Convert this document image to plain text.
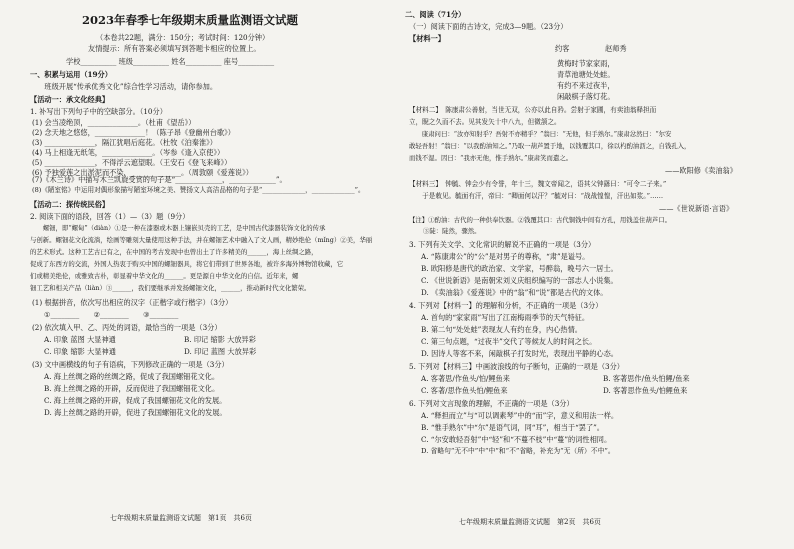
2023年春季七年级期末质量监测语文试题
（本卷共22题，满分：150分；考试时间：120分钟）
友情提示：所有答案必须填写到答题卡相应的位置上。
学校__________ 班级__________ 姓名__________ 座号__________
一、积累与运用（19分）
　　班级开展“传承优秀文化”综合性学习活动，请你参加。
【活动一：承文化经典】
1. 补写出下列句子中的空缺部分。（10分）
(1) 会当凌绝顶，______________。（杜甫《望岳》）
(2) 念天地之悠悠，______________！（陈子昂《登幽州台歌》）
(3) ______________，隔江犹唱后庭花。（杜牧《泊秦淮》）
(4) 马上相逢无纸笔，______________。（岑参《逢入京使》）
(5) ______________，不得浮云遮望眼。（王安石《登飞来峰》）
(6) 予独爱莲之出淤泥而不染，______________。（周敦颐《爱莲说》）
(7)《木兰诗》中描写木兰凯旋受赏的句子是“_____________，_____________”。
(8)《陋室铭》中运用对偶形象描写陋室环境之美、赞扬文人高洁品格的句子是“_____________，_____________”。
【活动二：探传统民俗】
2. 阅读下面的语段，回答（1）—（3）题（9分）
　　螺钿，即“螺甸”（diàn）①是一种在漆器或木器上镶嵌贝壳的工艺，是中国古代漆器装饰文化的传承
与创新。螺钿花文化流淌，绘画等雕刻大量使用这种手法，并在螺钿艺术中融入了文人画，精妙绝伦（mǐng）②美，华丽
的艺术形式。这种工艺古已有之，在中国的考古发现中也曾出土了许多精美的______，海上丝绸之路，
促成了东西方的交流，外国人热衷于购买中国的螺钿器具，将它们带到了世界各地，被许多海外博物馆收藏，它
们或精美绝伦，或雅致古朴，彰显着中华文化的______。更是源自中华文化的自信。近年来，螺
钿工艺和相关产品（liàn）③______，我们要继承并发扬螺钿文化，______，推动新时代文化繁荣。
(1) 根据拼音，依次写出相应的汉字（正楷字或行楷字）（3分）
①________　　②________　　③________
(2) 依次填入甲、乙、丙处的词语，最恰当的一项是（3分）
A. 印象 蓝图 大显神通	B. 印记 缩影 大放异彩
C. 印象 缩影 大显神通	D. 印记 蓝图 大放异彩
(3) 文中画横线的句子有语病，下列修改正确的一项是（3分）
A. 海上丝绸之路的丝绸之路，促成了我国螺钿花文化。
B. 海上丝绸之路的开辟，反而促进了我国螺钿花文化。
C. 海上丝绸之路的开辟，促成了我国螺钿花文化的发展。
D. 海上丝绸之路的开辟，促进了我国螺钿花文化的发展。
七年级期末质量监测语文试题　第1页　共6页
二、阅读（71分）
（一）阅读下面的古诗文，完成3—9题。（23分）
【材料一】
约客	赵师秀
黄梅时节家家雨，
青草池塘处处蛙。
有约不来过夜半，
闲敲棋子落灯花。
【材料二】　陈康肃公善射，当世无双，公亦以此自矜。尝射于家圃，有卖油翁释担而
立，睨之久而不去。见其发矢十中八九，但微颔之。
　　康肃问曰：“汝亦知射乎？吾射不亦精乎？”翁曰：“无他，但手熟尔。”康肃忿然曰：“尔安
敢轻吾射！”翁曰：“以我酌油知之。”乃取一葫芦置于地，以钱覆其口，徐以杓酌油沥之，自钱孔入，
而钱不湿。因曰：“我亦无他，惟手熟尔。”康肃笑而遣之。
——欧阳修《卖油翁》
【材料三】　钟毓、钟会少有令誉，年十三，魏文帝闻之，语其父钟繇曰：“可令二子来。”
　　于是敕见。毓面有汗，帝曰：“卿面何以汗？”毓对曰：“战战惶惶，汗出如浆。”……
——《世说新语·言语》
【注】①酌油：古代的一种供奉饮器。②钱覆其口：古代铜钱中间有方孔，用钱盖住葫芦口。
③陡：陡然，骤然。
3. 下列有关文学、文化常识的解说不正确的一项是（3分）
A. “陈康肃公”的“公”是对男子的尊称，“肃”是谥号。
B. 欧阳修是唐代的政治家、文学家，号醉翁，晚号六一居士。
C. 《世说新语》是南朝宋刘义庆组织编写的一部志人小说集。
D. 《卖油翁》《爱莲说》中的“翁”和“说”都是古代的文体。
4. 下列对【材料一】的理解和分析，不正确的一项是（3分）
A. 首句的“家家雨”写出了江南梅雨季节的天气特征。
B. 第二句“处处蛙”表现友人有约在身，内心热情。
C. 第三句点题，“过夜半”交代了等候友人的时间之长。
D. 因诗人等客不来，闲敲棋子打发时光，表现出平静的心态。
5. 下列对【材料三】中画波浪线的句子断句，正确的一项是（3分）
A. 客著思/作鱼头/怕/鲤鱼来	B. 客著思作/鱼头怕鲤/鱼来
C. 客著/思作鱼头怕/鲤鱼来	D. 客著思作鱼头/怕鲤鱼来
6. 下列对文言现象的理解，不正确的一项是（3分）
A. “释担而立”与“可以调素琴”中的“而”字，意义和用法一样。
B. “惟手熟尔”中“尔”是语气词，同“耳”，相当于“罢了”。
C. “尔安敢轻吾射”中“轻”和“不蔓不枝”中“蔓”的词性相同。
D. 省略句“无不中”中“中”和“不”省略，补充为“无（所）不中”。
七年级期末质量监测语文试题　第2页　共6页
